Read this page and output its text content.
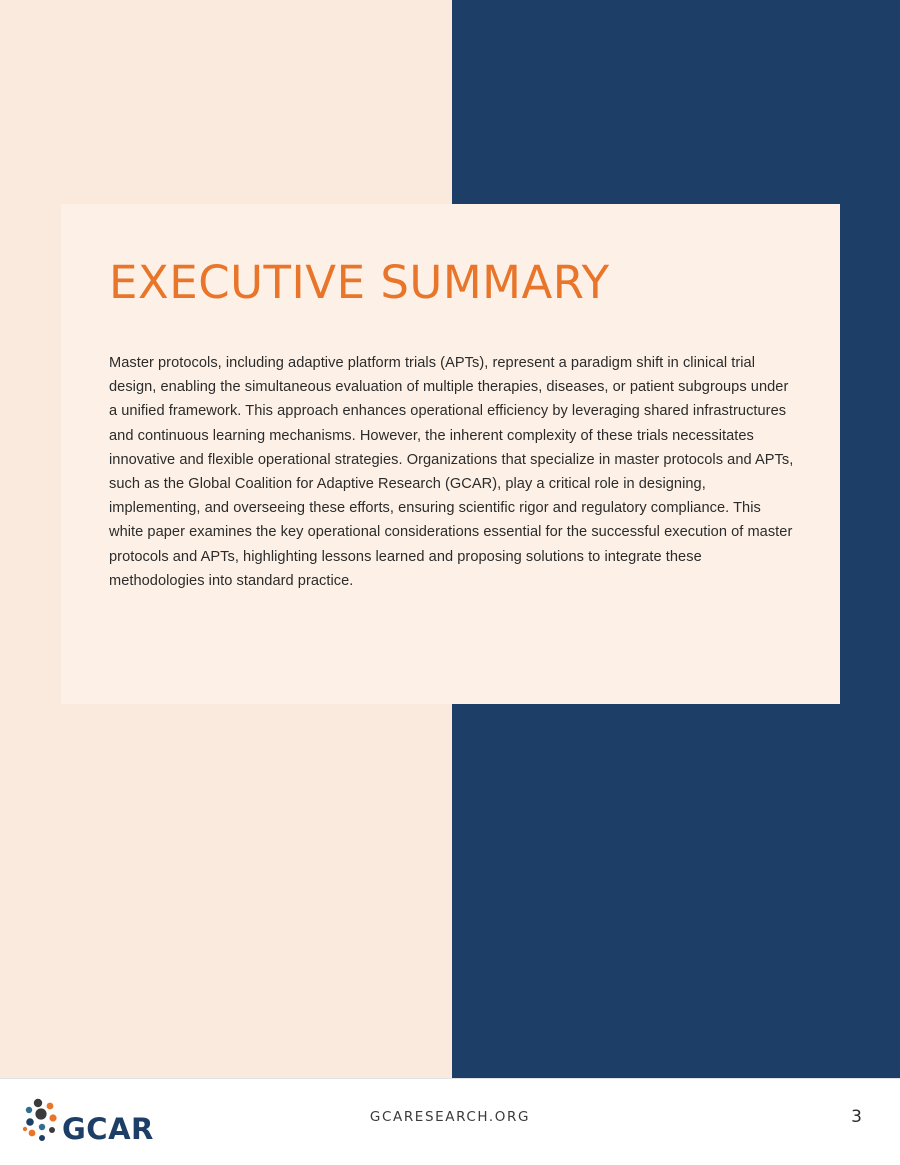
EXECUTIVE SUMMARY

Master protocols, including adaptive platform trials (APTs), represent a paradigm shift in clinical trial design, enabling the simultaneous evaluation of multiple therapies, diseases, or patient subgroups under a unified framework. This approach enhances operational efficiency by leveraging shared infrastructures and continuous learning mechanisms. However, the inherent complexity of these trials necessitates innovative and flexible operational strategies. Organizations that specialize in master protocols and APTs, such as the Global Coalition for Adaptive Research (GCAR), play a critical role in designing, implementing, and overseeing these efforts, ensuring scientific rigor and regulatory compliance. This white paper examines the key operational considerations essential for the successful execution of master protocols and APTs, highlighting lessons learned and proposing solutions to integrate these methodologies into standard practice.

GCAR	GCARESEARCH.ORG	3
